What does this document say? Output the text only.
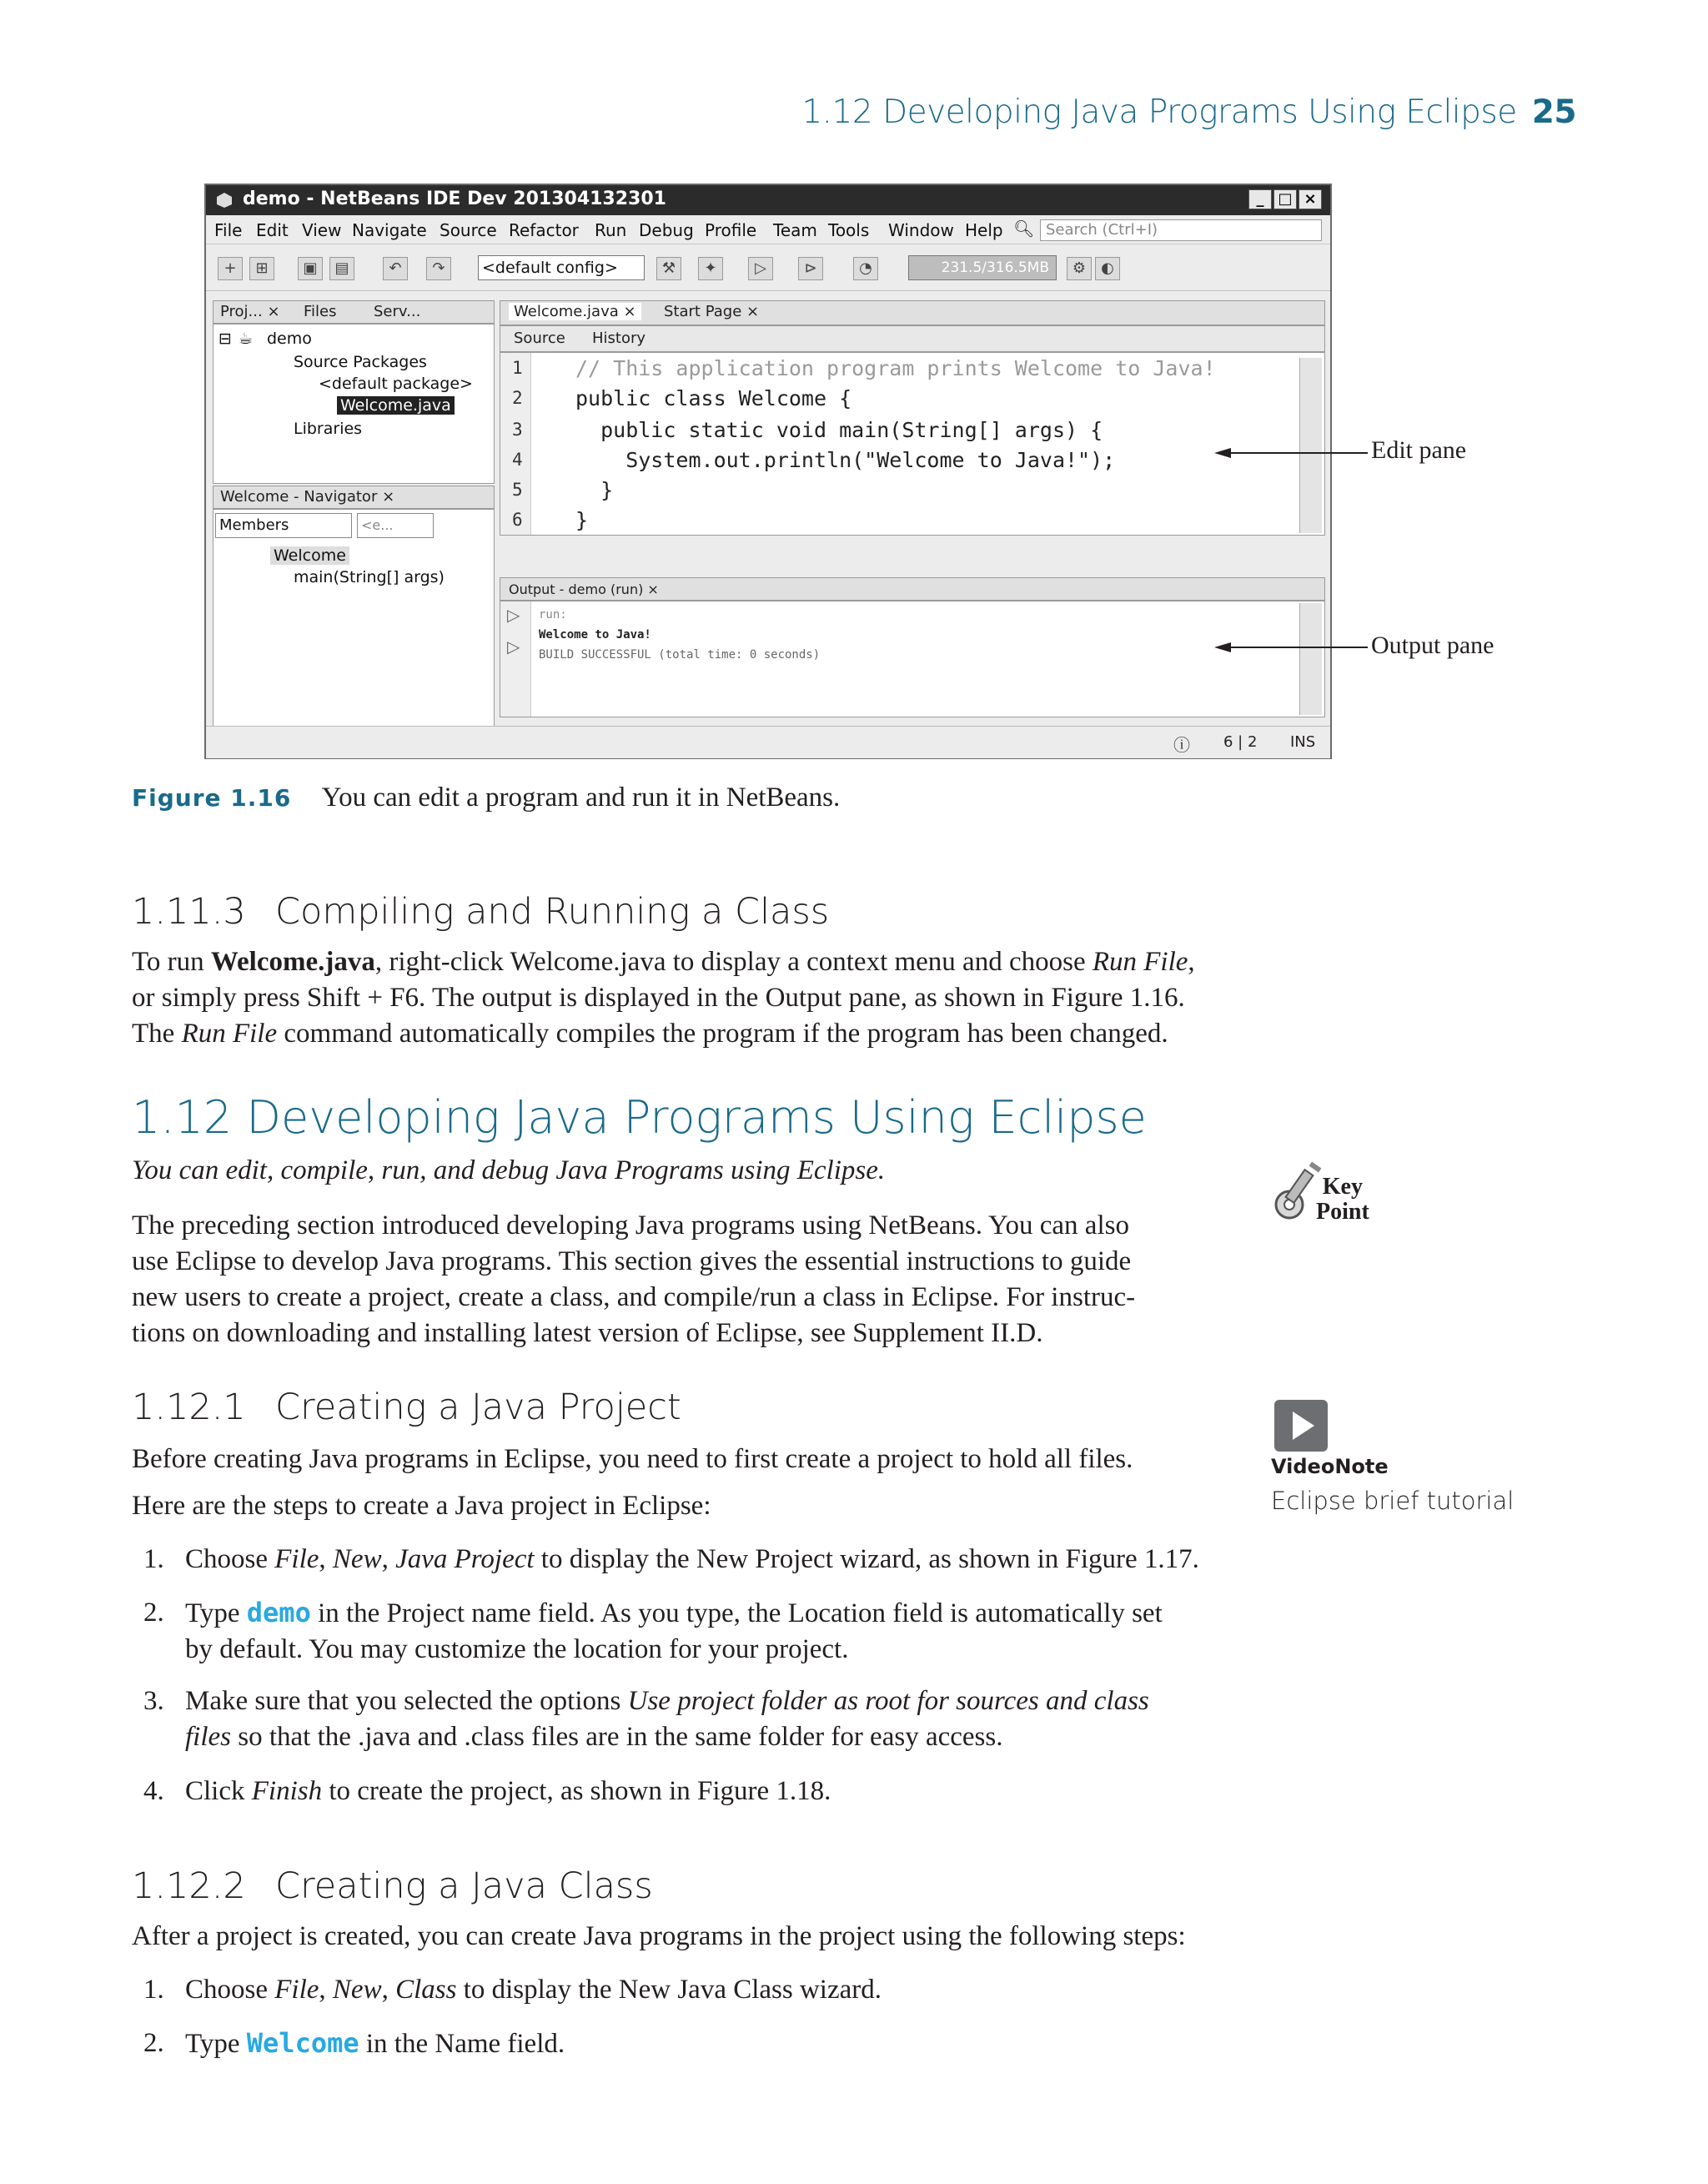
1.12 Developing Java Programs Using Eclipse 25
demo - NetBeans IDE Dev 201304132301	_ □ ×
File Edit View Navigate Source Refactor Run Debug Profile Team Tools Window Help 🔍︎ Search (Ctrl+I)
+	⊞	▣	▤	↶	↷	⚒	✦	▷	⊳	◔	⚙	◐
<default config>	231.5/316.5MB
Proj... × Files Serv...
⊟ ☕ demo
Source Packages
<default package>
Welcome.java
Libraries
Welcome - Navigator ×
Members	<e...
Welcome
main(String[] args)
Welcome.java ×	Start Page ×
Source History
1
2
3
4
5
6
// This application program prints Welcome to Java!
public class Welcome {
public static void main(String[] args) {
System.out.println("Welcome to Java!");
}
}
Output - demo (run) ×
▷
▷
run:
Welcome to Java!
BUILD SUCCESSFUL (total time: 0 seconds)
ⓘ 6 | 2 INS
Edit pane
Output pane
Figure 1.16 You can edit a program and run it in NetBeans.
1.11.3 Compiling and Running a Class
To run Welcome.java, right-click Welcome.java to display a context menu and choose Run File,
or simply press Shift + F6. The output is displayed in the Output pane, as shown in Figure 1.16.
The Run File command automatically compiles the program if the program has been changed.
1.12 Developing Java Programs Using Eclipse
You can edit, compile, run, and debug Java Programs using Eclipse.
Key
Point
The preceding section introduced developing Java programs using NetBeans. You can also
use Eclipse to develop Java programs. This section gives the essential instructions to guide
new users to create a project, create a class, and compile/run a class in Eclipse. For instruc-
tions on downloading and installing latest version of Eclipse, see Supplement II.D.
1.12.1 Creating a Java Project
Before creating Java programs in Eclipse, you need to first create a project to hold all files.
Here are the steps to create a Java project in Eclipse:
VideoNote
Eclipse brief tutorial
1. Choose File, New, Java Project to display the New Project wizard, as shown in Figure 1.17.
2. Type demo in the Project name field. As you type, the Location field is automatically set
by default. You may customize the location for your project.
3. Make sure that you selected the options Use project folder as root for sources and class
files so that the .java and .class files are in the same folder for easy access.
4. Click Finish to create the project, as shown in Figure 1.18.
1.12.2 Creating a Java Class
After a project is created, you can create Java programs in the project using the following steps:
1. Choose File, New, Class to display the New Java Class wizard.
2. Type Welcome in the Name field.
